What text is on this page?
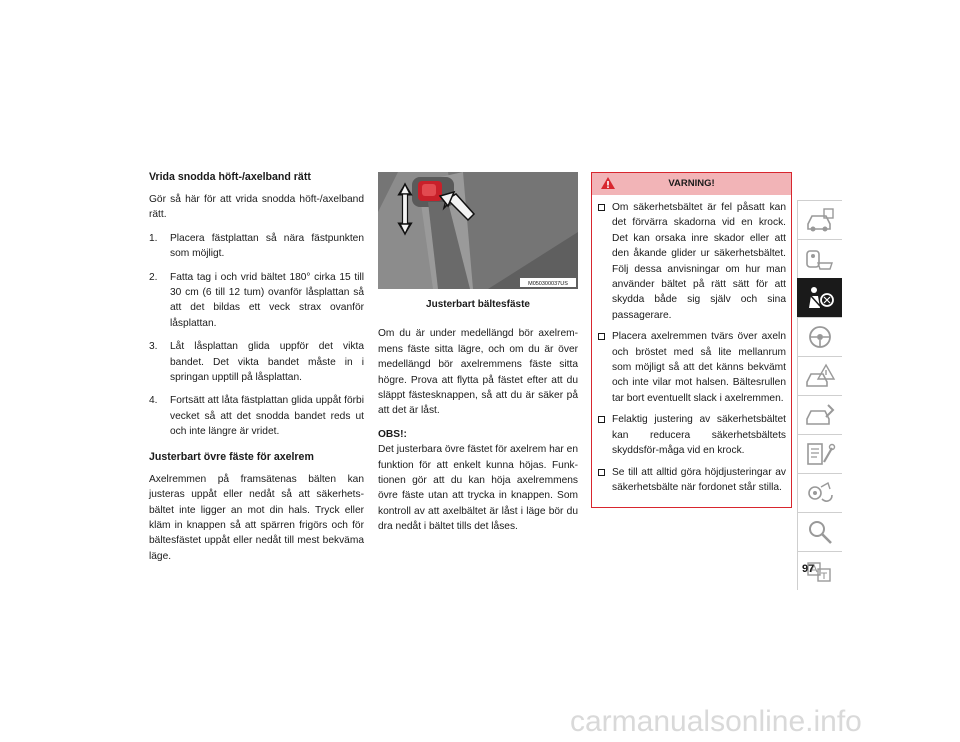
Vrida snodda höft-/axelband rätt

Gör så här för att vrida snodda höft-/axelband rätt.

1. Placera fästplattan så nära fästpunkten som möjligt.
2. Fatta tag i och vrid bältet 180° cirka 15 till 30 cm (6 till 12 tum) ovanför låsplattan så att det bildas ett veck strax ovanför låsplattan.
3. Låt låsplattan glida uppför det vikta bandet. Det vikta bandet måste in i springan upptill på låsplattan.
4. Fortsätt att låta fästplattan glida uppåt förbi vecket så att det snodda bandet reds ut och inte längre är vridet.
Justerbart övre fäste för axelrem

Axelremmen på framsätenas bälten kan justeras uppåt eller nedåt så att säkerhets-bältet inte ligger an mot din hals. Tryck eller kläm in knappen så att spärren frigörs och för bältesfästet uppåt eller nedåt till mest bekväma läge.

M050300037US
Justerbart bältesfäste

Om du är under medellängd bör axelrem-mens fäste sitta lägre, och om du är över medellängd bör axelremmens fäste sitta högre. Prova att flytta på fästet efter att du släppt fästesknappen, så att du är säker på att det är låst.

OBS!:

Det justerbara övre fästet för axelrem har en funktion för att enkelt kunna höjas. Funk-tionen gör att du kan höja axelremmens övre fäste utan att trycka in knappen. Som kontroll av att axelbältet är låst i läge bör du dra nedåt i bältet tills det låses.

VARNING!
Om säkerhetsbältet är fel påsatt kan det förvärra skadorna vid en krock. Det kan orsaka inre skador eller att den åkande glider ur säkerhetsbältet. Följ dessa anvisningar om hur man använder bältet på rätt sätt för att skydda både sig själv och sina passagerare.
Placera axelremmen tvärs över axeln och bröstet med så lite mellanrum som möjligt så att det känns bekvämt och inte vilar mot halsen. Bältesrullen tar bort eventuellt slack i axelremmen.
Felaktig justering av säkerhetsbältet kan reducera säkerhetsbältets skyddsför-måga vid en krock.
Se till att alltid göra höjdjusteringar av säkerhetsbälte när fordonet står stilla.
97
carmanualsonline.info
